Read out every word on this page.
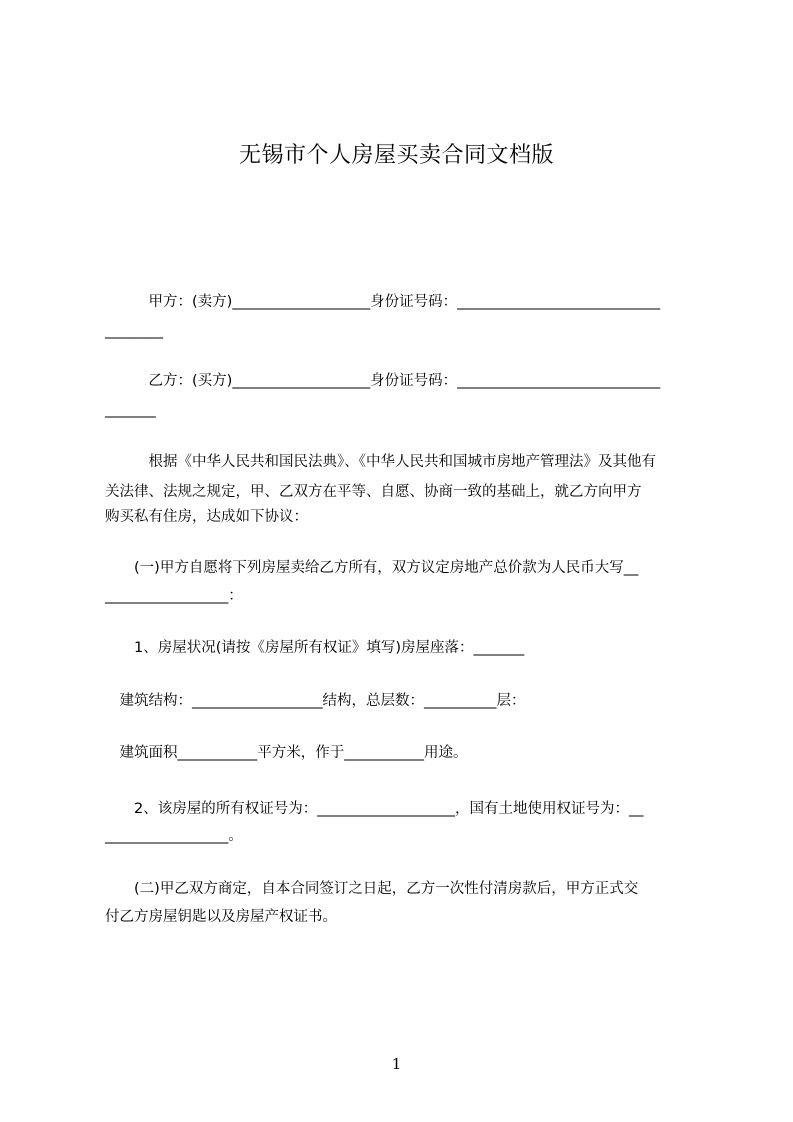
无锡市个人房屋买卖合同文档版
　　　甲方：(卖方)___________________身份证号码：____________________________
________
　　　乙方：(买方)___________________身份证号码：____________________________
_______
　　　根据《中华人民共和国民法典》、《中华人民共和国城市房地产管理法》及其他有
关法律、法规之规定，甲、乙双方在平等、自愿、协商一致的基础上，就乙方向甲方
购买私有住房，达成如下协议：
　　(一)甲方自愿将下列房屋卖给乙方所有，双方议定房地产总价款为人民币大写__
_________________：
　　1、房屋状况(请按《房屋所有权证》填写)房屋座落：_______
　建筑结构：__________________结构，总层数：__________层：
　建筑面积___________平方米，作于___________用途。
　　2、该房屋的所有权证号为：___________________，国有土地使用权证号为：__
_________________。
　　(二)甲乙双方商定，自本合同签订之日起，乙方一次性付清房款后，甲方正式交
付乙方房屋钥匙以及房屋产权证书。
1
